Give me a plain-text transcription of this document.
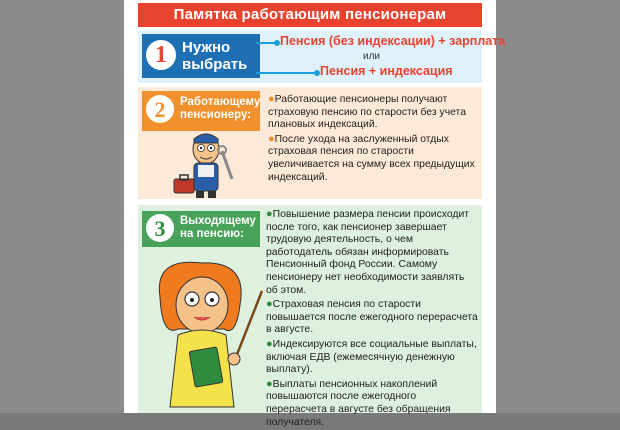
Памятка работающим пенсионерам
1	Нужно
выбрать
Пенсия (без индексации) + зарплата
или
Пенсия + индексация
2	Работающему
пенсионеру:

●Работающие пенсионеры получают страховую пенсию по старости без учета плановых индексаций.

●После ухода на заслуженный отдых страховая пенсия по старости увеличивается на сумму всех предыдущих индексаций.

3	Выходящему
на пенсию:

●Повышение размера пенсии происходит после того, как пенсионер завершает трудовую деятельность, о чем работодатель обязан информировать Пенсионный фонд России. Самому пенсионеру нет необходимости заявлять об этом.

●Страховая пенсия по старости повышается после ежегодного перерасчета в августе.

●Индексируются все социальные выплаты, включая ЕДВ (ежемесячную денежную выплату).

●Выплаты пенсионных накоплений повышаются после ежегодного перерасчета в августе без обращения получателя.
